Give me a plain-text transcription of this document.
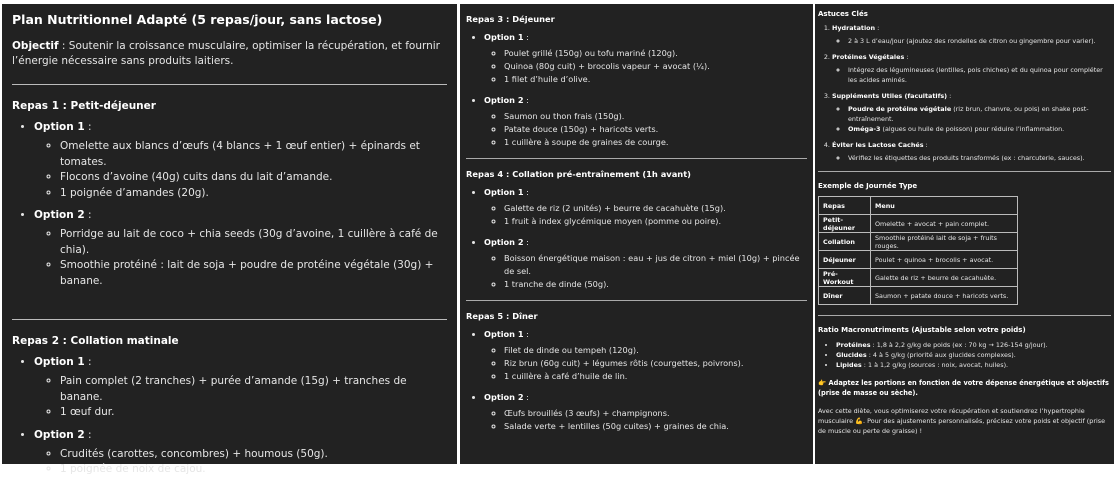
Plan Nutritionnel Adapté (5 repas/jour, sans lactose)

Objectif : Soutenir la croissance musculaire, optimiser la récupération, et fournir l’énergie nécessaire sans produits laitiers.

Repas 1 : Petit-déjeuner
• Option 1 :
◦ Omelette aux blancs d’œufs (4 blancs + 1 œuf entier) + épinards et tomates.
◦ Flocons d’avoine (40g) cuits dans du lait d’amande.
◦ 1 poignée d’amandes (20g).
• Option 2 :
◦ Porridge au lait de coco + chia seeds (30g d’avoine, 1 cuillère à café de chia).
◦ Smoothie protéiné : lait de soja + poudre de protéine végétale (30g) + banane.
Repas 2 : Collation matinale
• Option 1 :
◦ Pain complet (2 tranches) + purée d’amande (15g) + tranches de banane.
◦ 1 œuf dur.
• Option 2 :
◦ Crudités (carottes, concombres) + houmous (50g).
◦ 1 poignée de noix de cajou.
Repas 3 : Déjeuner
• Option 1 :
◦ Poulet grillé (150g) ou tofu mariné (120g).
◦ Quinoa (80g cuit) + brocolis vapeur + avocat (¼).
◦ 1 filet d’huile d’olive.
• Option 2 :
◦ Saumon ou thon frais (150g).
◦ Patate douce (150g) + haricots verts.
◦ 1 cuillère à soupe de graines de courge.
Repas 4 : Collation pré-entraînement (1h avant)
• Option 1 :
◦ Galette de riz (2 unités) + beurre de cacahuète (15g).
◦ 1 fruit à index glycémique moyen (pomme ou poire).
• Option 2 :
◦ Boisson énergétique maison : eau + jus de citron + miel (10g) + pincée de sel.
◦ 1 tranche de dinde (50g).
Repas 5 : Dîner
• Option 1 :
◦ Filet de dinde ou tempeh (120g).
◦ Riz brun (60g cuit) + légumes rôtis (courgettes, poivrons).
◦ 1 cuillère à café d’huile de lin.
• Option 2 :
◦ Œufs brouillés (3 œufs) + champignons.
◦ Salade verte + lentilles (50g cuites) + graines de chia.
Astuces Clés
1. Hydratation :
◦ 2 à 3 L d’eau/jour (ajoutez des rondelles de citron ou gingembre pour varier).
2. Protéines Végétales :
◦ Intégrez des légumineuses (lentilles, pois chiches) et du quinoa pour compléter les acides aminés.
3. Suppléments Utiles (facultatifs) :
◦ Poudre de protéine végétale (riz brun, chanvre, ou pois) en shake post-entraînement.
◦ Oméga-3 (algues ou huile de poisson) pour réduire l’inflammation.
4. Éviter les Lactose Cachés :
◦ Vérifiez les étiquettes des produits transformés (ex : charcuterie, sauces).
Exemple de Journée Type
Repas	Menu
Petit-déjeuner	Omelette + avocat + pain complet.
Collation	Smoothie protéiné lait de soja + fruits rouges.
Déjeuner	Poulet + quinoa + brocolis + avocat.
Pré-Workout	Galette de riz + beurre de cacahuète.
Dîner	Saumon + patate douce + haricots verts.
Ratio Macronutriments (Ajustable selon votre poids)
• Protéines : 1,8 à 2,2 g/kg de poids (ex : 70 kg → 126-154 g/jour).
• Glucides : 4 à 5 g/kg (priorité aux glucides complexes).
• Lipides : 1 à 1,2 g/kg (sources : noix, avocat, huiles).

👉 Adaptez les portions en fonction de votre dépense énergétique et objectifs (prise de masse ou sèche).

Avec cette diète, vous optimiserez votre récupération et soutiendrez l’hypertrophie musculaire 💪. Pour des ajustements personnalisés, précisez votre poids et objectif (prise de muscle ou perte de graisse) !
